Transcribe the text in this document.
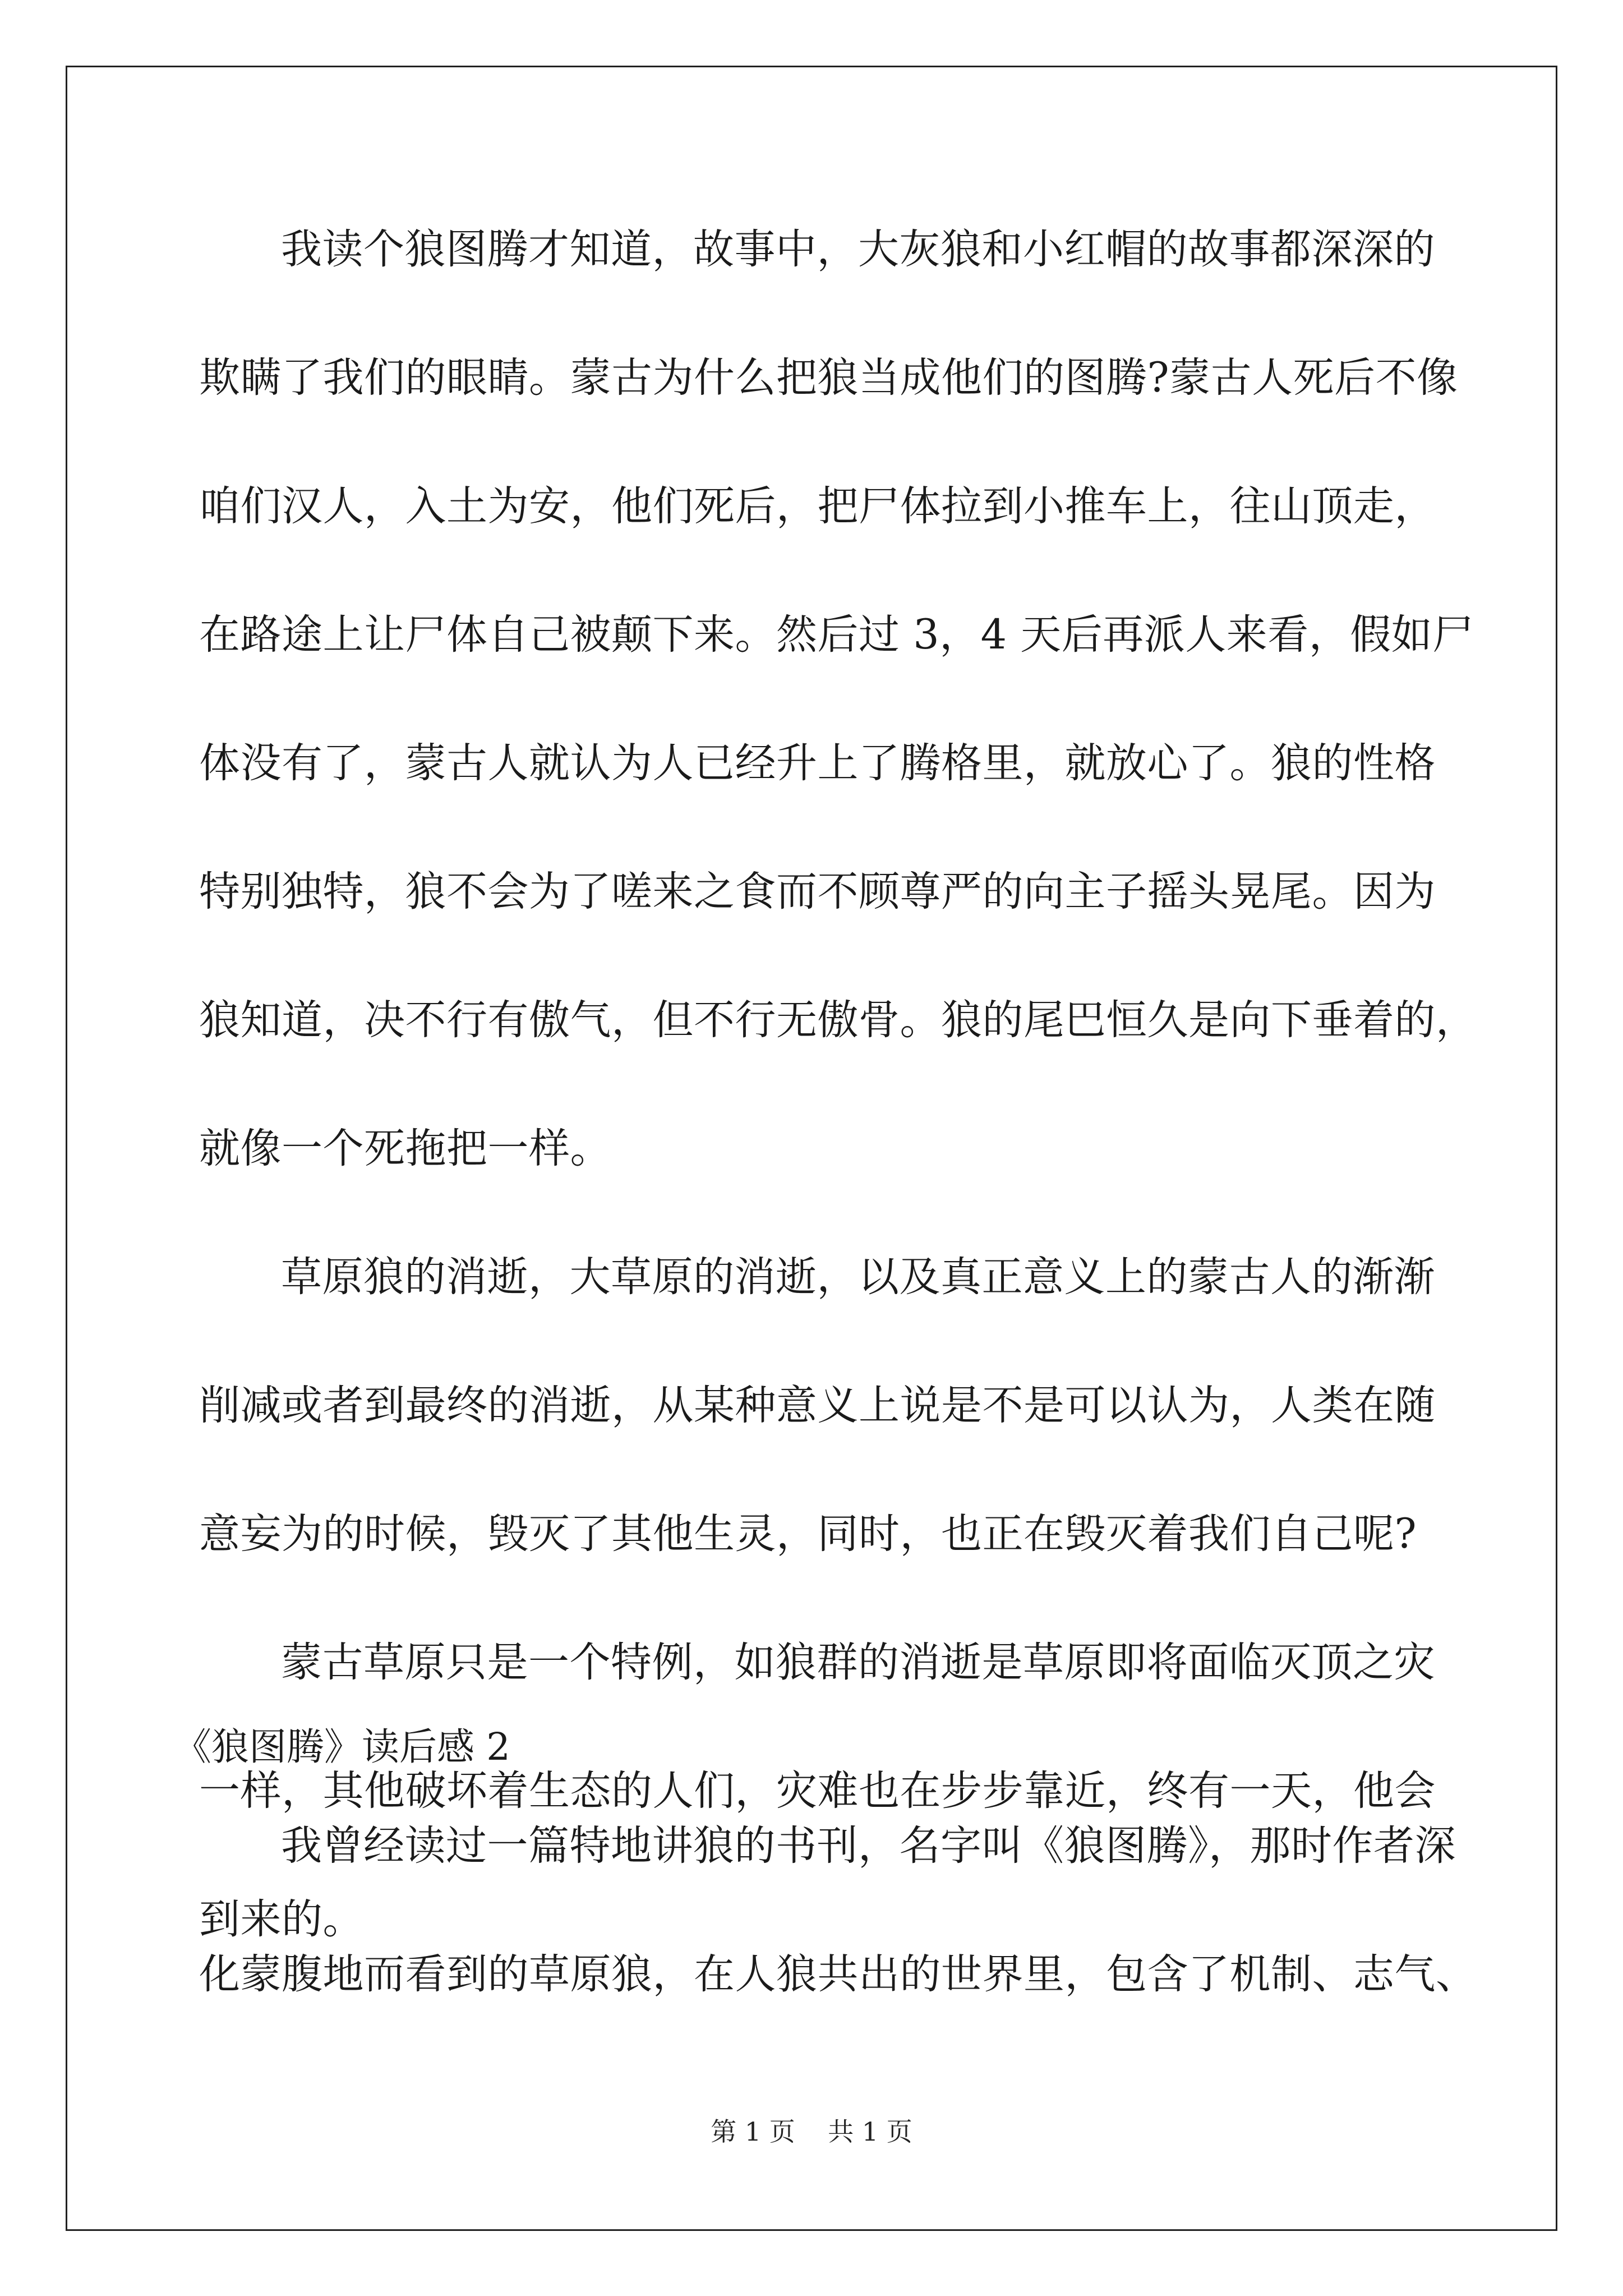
我读个狼图腾才知道，故事中，大灰狼和小红帽的故事都深深的
欺瞒了我们的眼睛。蒙古为什么把狼当成他们的图腾?蒙古人死后不像
咱们汉人，入土为安，他们死后，把尸体拉到小推车上，往山顶走，
在路途上让尸体自己被颠下来。然后过 3，4 天后再派人来看，假如尸
体没有了，蒙古人就认为人已经升上了腾格里，就放心了。狼的性格
特别独特，狼不会为了嗟来之食而不顾尊严的向主子摇头晃尾。因为
狼知道，决不行有傲气，但不行无傲骨。狼的尾巴恒久是向下垂着的，
就像一个死拖把一样。
草原狼的消逝，大草原的消逝，以及真正意义上的蒙古人的渐渐
削减或者到最终的消逝，从某种意义上说是不是可以认为，人类在随
意妄为的时候，毁灭了其他生灵，同时，也正在毁灭着我们自己呢?
蒙古草原只是一个特例，如狼群的消逝是草原即将面临灭顶之灾
一样，其他破坏着生态的人们，灾难也在步步靠近，终有一天，他会
到来的。
《狼图腾》读后感 2
我曾经读过一篇特地讲狼的书刊，名字叫《狼图腾》，那时作者深
化蒙腹地而看到的草原狼，在人狼共出的世界里，包含了机制、志气、
第 1 页    共 1 页
